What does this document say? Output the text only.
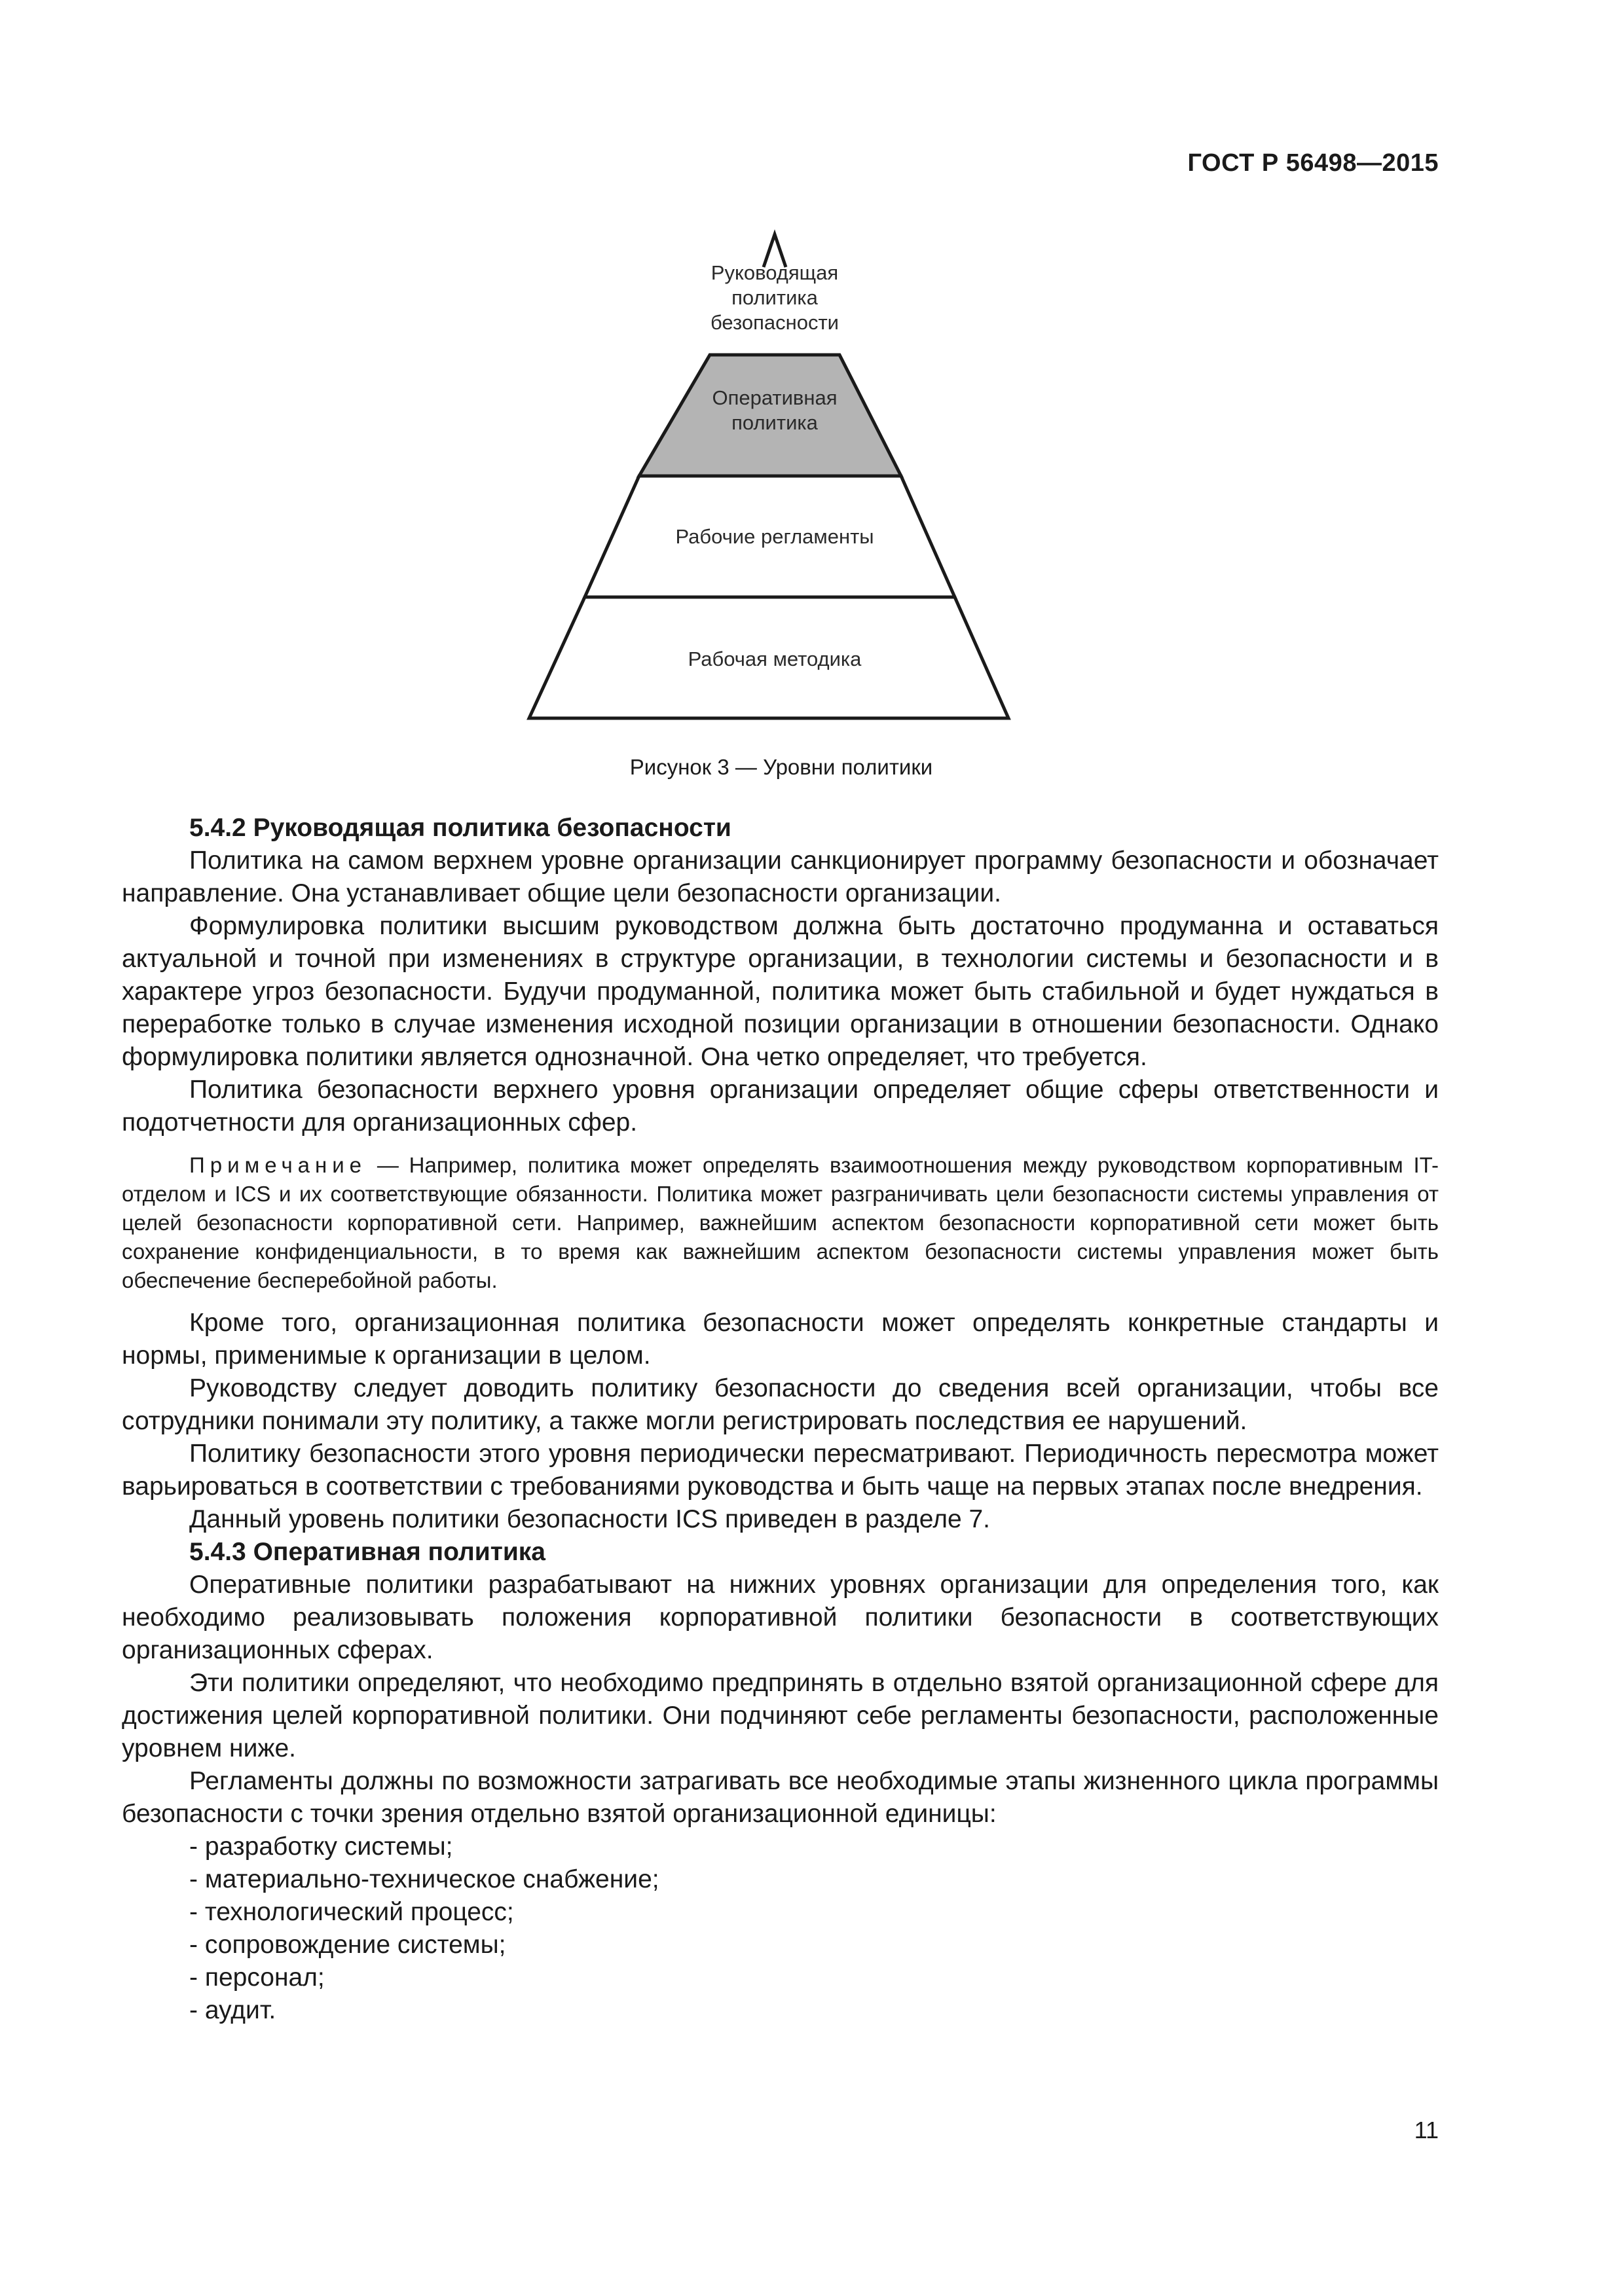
ГОСТ Р 56498—2015
Руководящая
политика
безопасности
Оперативная
политика
Рабочие регламенты
Рабочая методика
Рисунок 3 — Уровни политики

5.4.2 Руководящая политика безопасности

Политика на самом верхнем уровне организации санкционирует программу безопасности и обозначает направление. Она устанавливает общие цели безопасности организации.

Формулировка политики высшим руководством должна быть достаточно продуманна и оставаться актуальной и точной при изменениях в структуре организации, в технологии системы и безопасности и в характере угроз безопасности. Будучи продуманной, политика может быть стабильной и будет нуждаться в переработке только в случае изменения исходной позиции организации в отношении безопасности. Однако формулировка политики является однозначной. Она четко определяет, что требуется.

Политика безопасности верхнего уровня организации определяет общие сферы ответственности и подотчетности для организационных сфер.

Примечание — Например, политика может определять взаимоотношения между руководством корпоративным IT-отделом и ICS и их соответствующие обязанности. Политика может разграничивать цели безопасности системы управления от целей безопасности корпоративной сети. Например, важнейшим аспектом безопасности корпоративной сети может быть сохранение конфиденциальности, в то время как важнейшим аспектом безопасности системы управления может быть обеспечение бесперебойной работы.

Кроме того, организационная политика безопасности может определять конкретные стандарты и нормы, применимые к организации в целом.

Руководству следует доводить политику безопасности до сведения всей организации, чтобы все сотрудники понимали эту политику, а также могли регистрировать последствия ее нарушений.

Политику безопасности этого уровня периодически пересматривают. Периодичность пересмотра может варьироваться в соответствии с требованиями руководства и быть чаще на первых этапах после внедрения.

Данный уровень политики безопасности ICS приведен в разделе 7.

5.4.3 Оперативная политика

Оперативные политики разрабатывают на нижних уровнях организации для определения того, как необходимо реализовывать положения корпоративной политики безопасности в соответствующих организационных сферах.

Эти политики определяют, что необходимо предпринять в отдельно взятой организационной сфере для достижения целей корпоративной политики. Они подчиняют себе регламенты безопасности, расположенные уровнем ниже.

Регламенты должны по возможности затрагивать все необходимые этапы жизненного цикла программы безопасности с точки зрения отдельно взятой организационной единицы:

- разработку системы;

- материально-техническое снабжение;

- технологический процесс;

- сопровождение системы;

- персонал;

- аудит.

11
